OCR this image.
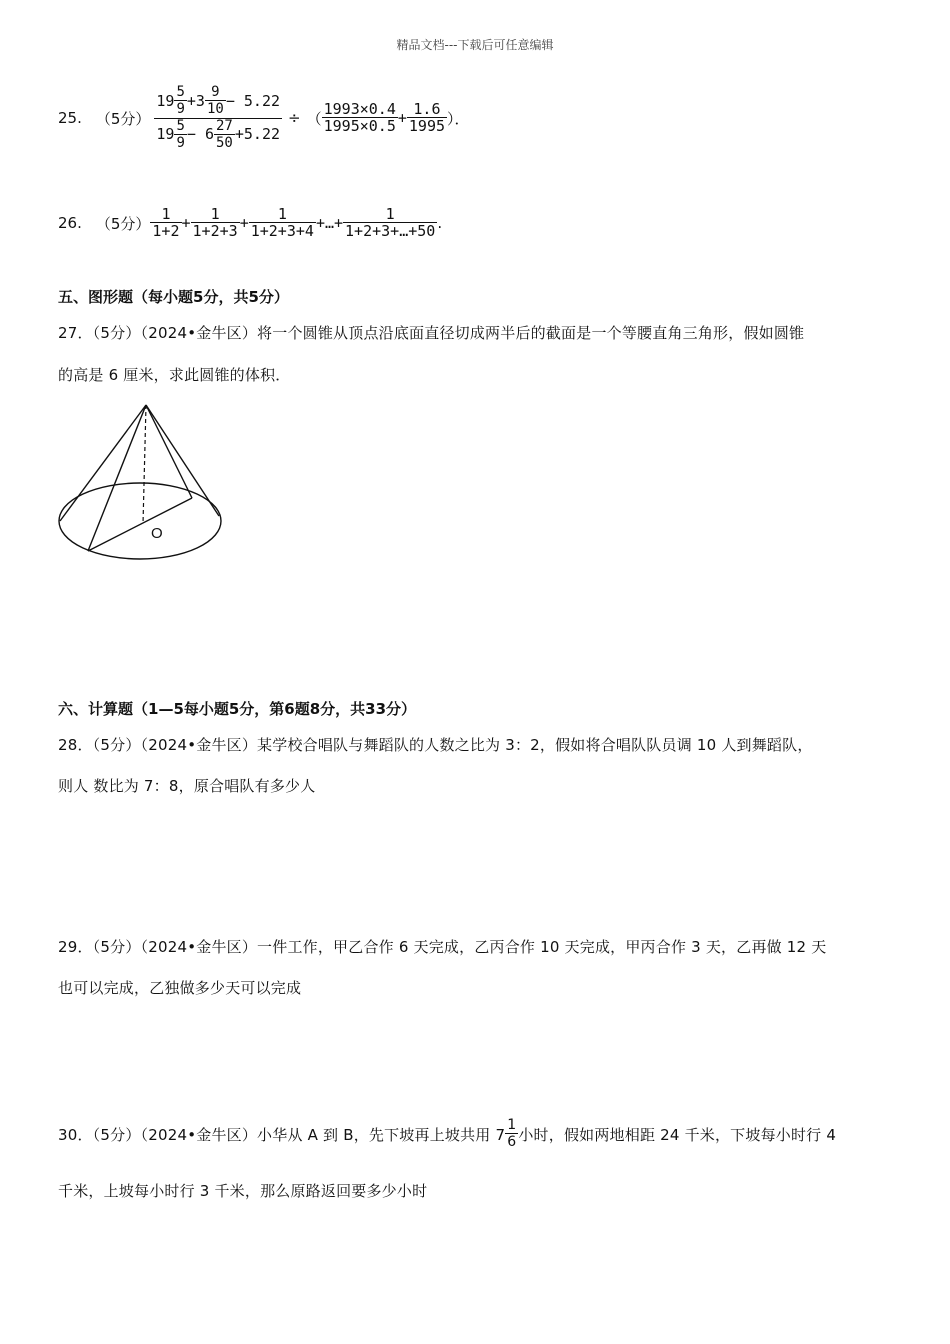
精品文档---下载后可任意编辑
25. （5分） $\frac{19 \frac{5}{9} +3 \frac{9}{10} - 5.22}{19 \frac{5}{9} - 6 \frac{27}{50} +5.22}$ ÷ （ $\frac{1993\times 0.4}{1995\times 0.5} + \frac{1.6}{1995}$ ）．
26. （5分） $\frac{1}{1+2} + \frac{1}{1+2+3} + \frac{1}{1+2+3+4}$ +…+ $\frac{1}{1+2+3+\dots+50}$ .
五、图形题（每小题5分，共5分）
27．（5分）（2024•金牛区）将一个圆锥从顶点沿底面直径切成两半后的截面是一个等腰直角三角形，假如圆锥
的高是 6 厘米，求此圆锥的体积．
O
六、计算题（1—5每小题5分，第6题8分，共33分）
28．（5分）（2024•金牛区）某学校合唱队与舞蹈队的人数之比为 3：2，假如将合唱队队员调 10 人到舞蹈队，
则人 数比为 7：8，原合唱队有多少人
29．（5分）（2024•金牛区）一件工作，甲乙合作 6 天完成，乙丙合作 10 天完成，甲丙合作 3 天，乙再做 12 天
也可以完成，乙独做多少天可以完成
30．（5分）（2024•金牛区）小华从 A 到 B，先下坡再上坡共用 $7 \frac{1}{6}$ 小时，假如两地相距 24 千米，下坡每小时行 4
千米，上坡每小时行 3 千米，那么原路返回要多少小时
